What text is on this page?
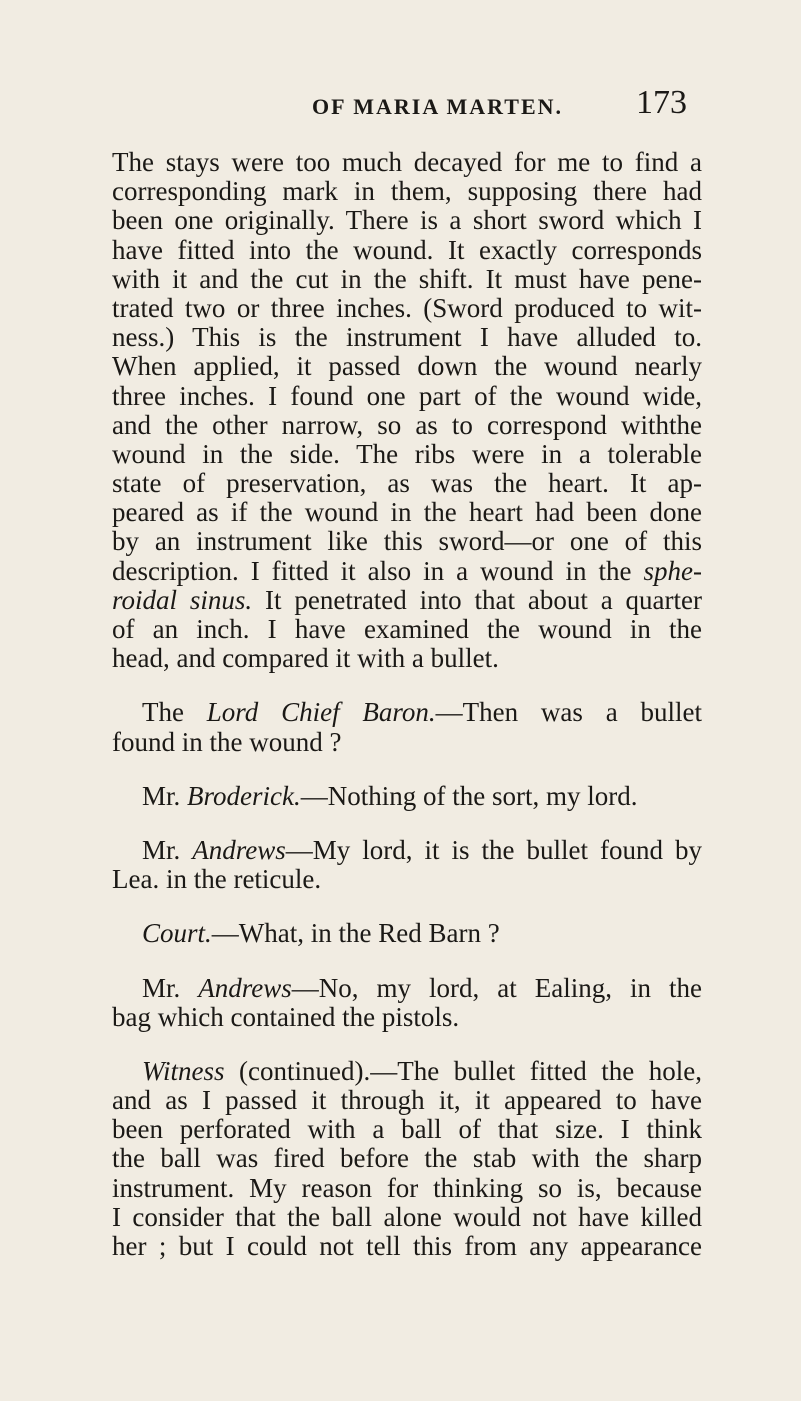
OF MARIA MARTEN. 173
The stays were too much decayed for me to find a
corresponding mark in them, supposing there had
been one originally. There is a short sword which I
have fitted into the wound. It exactly corresponds
with it and the cut in the shift. It must have pene-
trated two or three inches. (Sword produced to wit-
ness.) This is the instrument I have alluded to.
When applied, it passed down the wound nearly
three inches. I found one part of the wound wide,
and the other narrow, so as to correspond withthe
wound in the side. The ribs were in a tolerable
state of preservation, as was the heart. It ap-
peared as if the wound in the heart had been done
by an instrument like this sword—or one of this
description. I fitted it also in a wound in the sphe-
roidal sinus. It penetrated into that about a quarter
of an inch. I have examined the wound in the
head, and compared it with a bullet.
The Lord Chief Baron.—Then was a bullet
found in the wound ?
Mr. Broderick.—Nothing of the sort, my lord.
Mr. Andrews—My lord, it is the bullet found by
Lea. in the reticule.
Court.—What, in the Red Barn ?
Mr. Andrews—No, my lord, at Ealing, in the
bag which contained the pistols.
Witness (continued).—The bullet fitted the hole,
and as I passed it through it, it appeared to have
been perforated with a ball of that size. I think
the ball was fired before the stab with the sharp
instrument. My reason for thinking so is, because
I consider that the ball alone would not have killed
her ; but I could not tell this from any appearance
